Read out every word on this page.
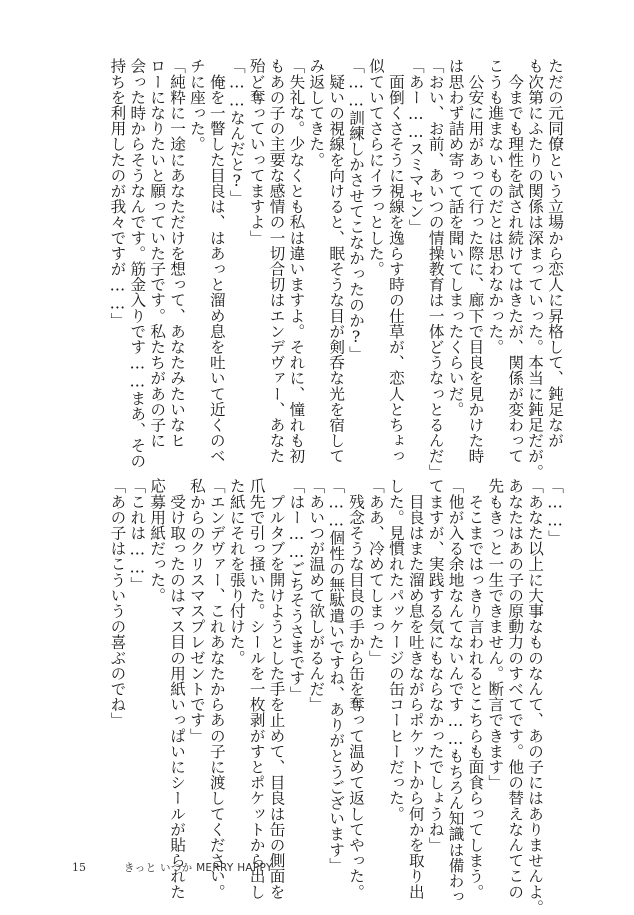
ただの元同僚という立場から恋人に昇格して、鈍足なが

も次第にふたりの関係は深まっていった。本当に鈍足だが。

　今までも理性を試され続けてはきたが、関係が変わって

こうも進まないものだとは思わなかった。

　公安に用があって行った際に、廊下で目良を見かけた時

は思わず詰め寄って話を聞いてしまったくらいだ。

「おい、お前、あいつの情操教育は一体どうなっとるんだ」

「あー……スミマセン」

　面倒くさそうに視線を逸らす時の仕草が、恋人とちょっ

似ていてさらにイラっとした。

「……訓練しかさせてこなかったのか?」

　疑いの視線を向けると、眠そうな目が剣呑な光を宿して

み返してきた。

「失礼な。少なくとも私は違いますよ。それに、憧れも初

もあの子の主要な感情の一切合切はエンデヴァー、あなた

殆ど奪っていってますよ」

「……なんだと?」

　俺を一瞥した目良は、はあっと溜め息を吐いて近くのベ

チに座った。

「純粋に一途にあなただけを想って、あなたみたいなヒ

ローになりたいと願っていた子です。私たちがあの子に

会った時からそうなんです。筋金入りです……まあ、その

持ちを利用したのが我々ですが……」

「……」

「あなた以上に大事なものなんて、あの子にはありませんよ。

あなたはあの子の原動力のすべてです。他の替えなんてこの

先もきっと一生できません。断言できます」

　そこまではっきり言われるとこちらも面食らってしまう。

「他が入る余地なんてないんです……もちろん知識は備わっ

てますが、実践する気にもならなかったでしょうね」

　目良はまた溜め息を吐きながらポケットから何かを取り出

した。見慣れたパッケージの缶コーヒーだった。

「ああ、冷めてしまった」

　残念そうな目良の手から缶を奪って温めて返してやった。

「……個性の無駄遣いですね、ありがとうございます」

「あいつが温めて欲しがるんだ」

「はー……ごちそうさまです」

　プルタブを開けようとした手を止めて、目良は缶の側面を

爪先で引っ掻いた。シールを一枚剥がすとポケットから出し

た紙にそれを張り付けた。

「エンデヴァー、これあなたからあの子に渡してください。

私からのクリスマスプレゼントです」

　受け取ったのはマス目の用紙いっぱいにシールが貼られた

応募用紙だった。

「これは……」

「あの子はこういうの喜ぶのでね」

15	きっと いつか MERRY HAPPY
